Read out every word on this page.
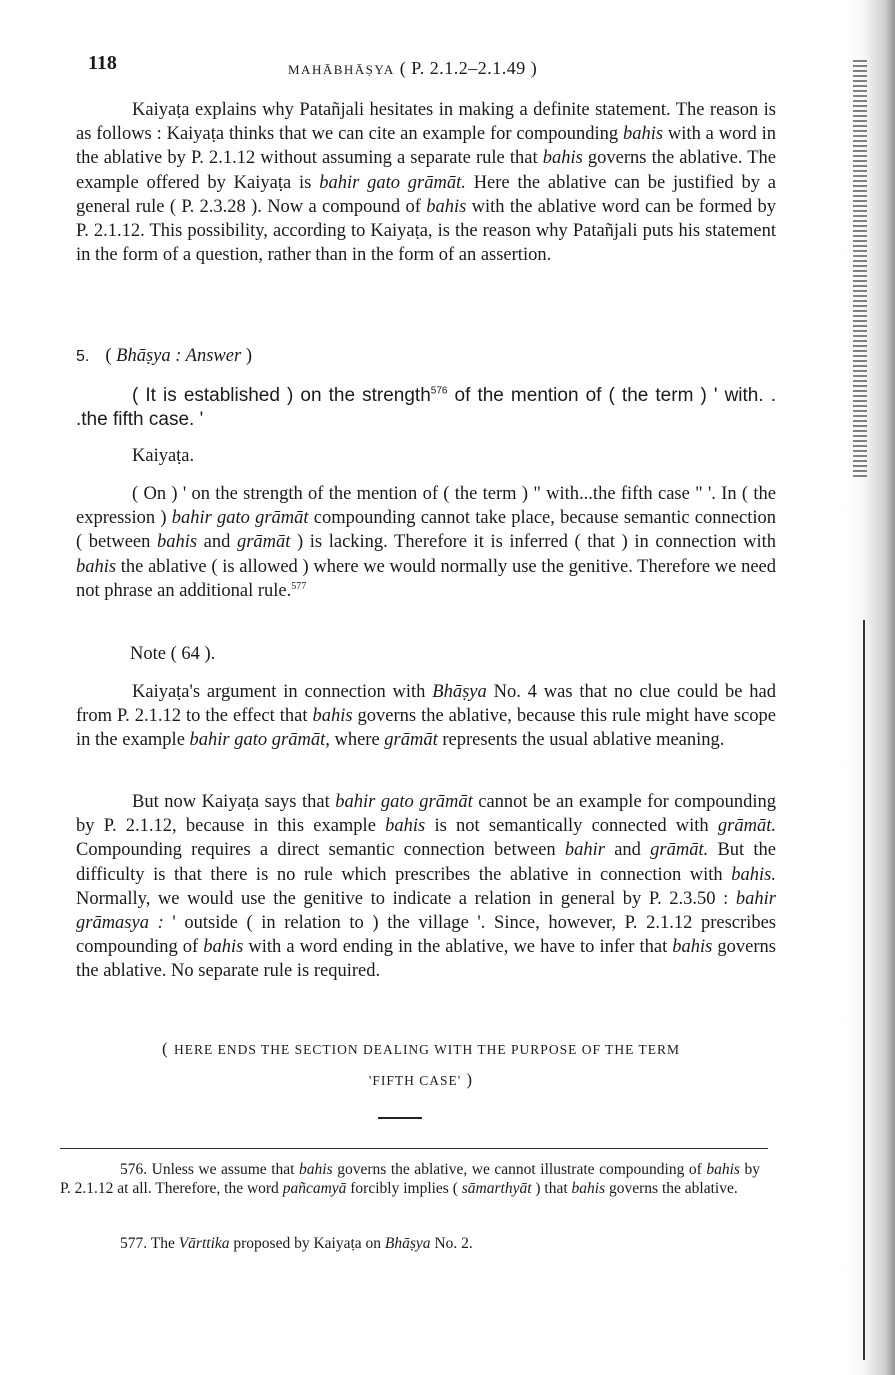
118	MAHĀBHĀṢYA ( P. 2.1.2–2.1.49 )

Kaiyaṭa explains why Patañjali hesitates in making a definite statement. The reason is as follows : Kaiyaṭa thinks that we can cite an example for compounding bahis with a word in the ablative by P. 2.1.12 without assuming a separate rule that bahis governs the ablative. The example offered by Kaiyaṭa is bahir gato grāmāt. Here the ablative can be justified by a general rule ( P. 2.3.28 ). Now a compound of bahis with the ablative word can be formed by P. 2.1.12. This possibility, according to Kaiyaṭa, is the reason why Patañjali puts his statement in the form of a question, rather than in the form of an assertion.

5. ( Bhāṣya : Answer )

( It is established ) on the strength$^{576}$ of the mention of ( the term ) ' with. . .the fifth case. '

Kaiyaṭa.

( On ) ' on the strength of the mention of ( the term ) " with...the fifth case " '. In ( the expression ) bahir gato grāmāt compounding cannot take place, because semantic connection ( between bahis and grāmāt ) is lacking. Therefore it is inferred ( that ) in connection with bahis the ablative ( is allowed ) where we would normally use the genitive. Therefore we need not phrase an additional rule.$^{577}$

Note ( 64 ).

Kaiyaṭa's argument in connection with Bhāṣya No. 4 was that no clue could be had from P. 2.1.12 to the effect that bahis governs the ablative, because this rule might have scope in the example bahir gato grāmāt, where grāmāt represents the usual ablative meaning.

But now Kaiyaṭa says that bahir gato grāmāt cannot be an example for compounding by P. 2.1.12, because in this example bahis is not semantically connected with grāmāt. Compounding requires a direct semantic connection between bahir and grāmāt. But the difficulty is that there is no rule which prescribes the ablative in connection with bahis. Normally, we would use the genitive to indicate a relation in general by P. 2.3.50 : bahir grāmasya : ' outside ( in relation to ) the village '. Since, however, P. 2.1.12 prescribes compounding of bahis with a word ending in the ablative, we have to infer that bahis governs the ablative. No separate rule is required.

( HERE ENDS THE SECTION DEALING WITH THE PURPOSE OF THE TERM
'FIFTH CASE' )

576. Unless we assume that bahis governs the ablative, we cannot illustrate compounding of bahis by P. 2.1.12 at all. Therefore, the word pañcamyā forcibly implies ( sāmarthyāt ) that bahis governs the ablative.

577. The Vārttika proposed by Kaiyaṭa on Bhāṣya No. 2.
